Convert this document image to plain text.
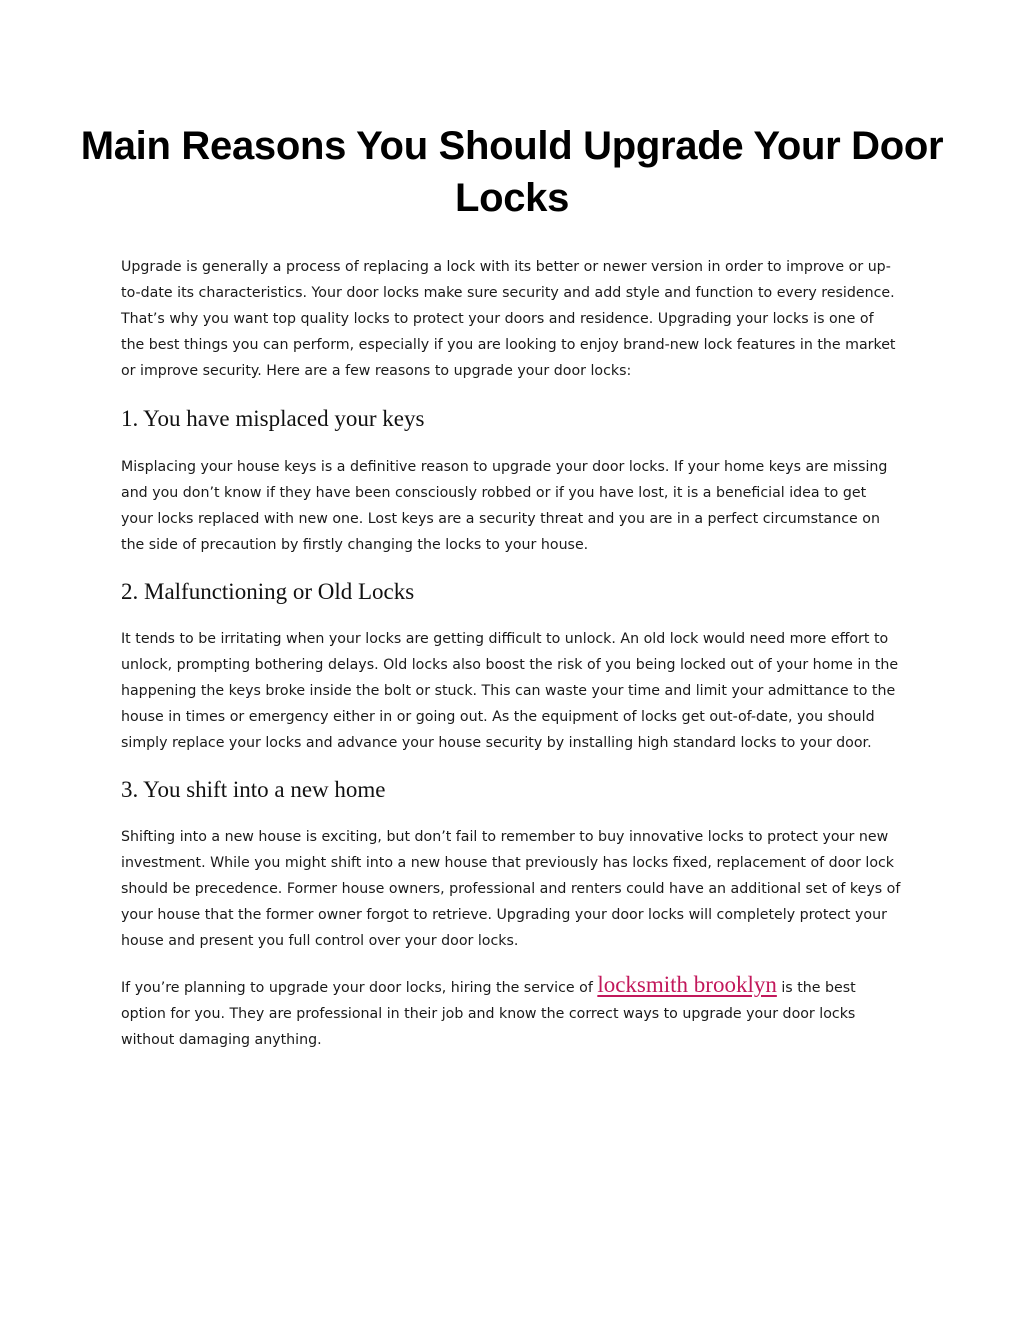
Main Reasons You Should Upgrade Your Door Locks

Upgrade is generally a process of replacing a lock with its better or newer version in order to improve or up-to-date its characteristics. Your door locks make sure security and add style and function to every residence. That’s why you want top quality locks to protect your doors and residence. Upgrading your locks is one of the best things you can perform, especially if you are looking to enjoy brand-new lock features in the market or improve security. Here are a few reasons to upgrade your door locks:

1. You have misplaced your keys

Misplacing your house keys is a definitive reason to upgrade your door locks. If your home keys are missing and you don’t know if they have been consciously robbed or if you have lost, it is a beneficial idea to get your locks replaced with new one. Lost keys are a security threat and you are in a perfect circumstance on the side of precaution by firstly changing the locks to your house.

2. Malfunctioning or Old Locks

It tends to be irritating when your locks are getting difficult to unlock. An old lock would need more effort to unlock, prompting bothering delays. Old locks also boost the risk of you being locked out of your home in the happening the keys broke inside the bolt or stuck. This can waste your time and limit your admittance to the house in times or emergency either in or going out. As the equipment of locks get out-of-date, you should simply replace your locks and advance your house security by installing high standard locks to your door.

3. You shift into a new home

Shifting into a new house is exciting, but don’t fail to remember to buy innovative locks to protect your new investment. While you might shift into a new house that previously has locks fixed, replacement of door lock should be precedence. Former house owners, professional and renters could have an additional set of keys of your house that the former owner forgot to retrieve. Upgrading your door locks will completely protect your house and present you full control over your door locks.

If you’re planning to upgrade your door locks, hiring the service of locksmith brooklyn is the best option for you. They are professional in their job and know the correct ways to upgrade your door locks without damaging anything.
